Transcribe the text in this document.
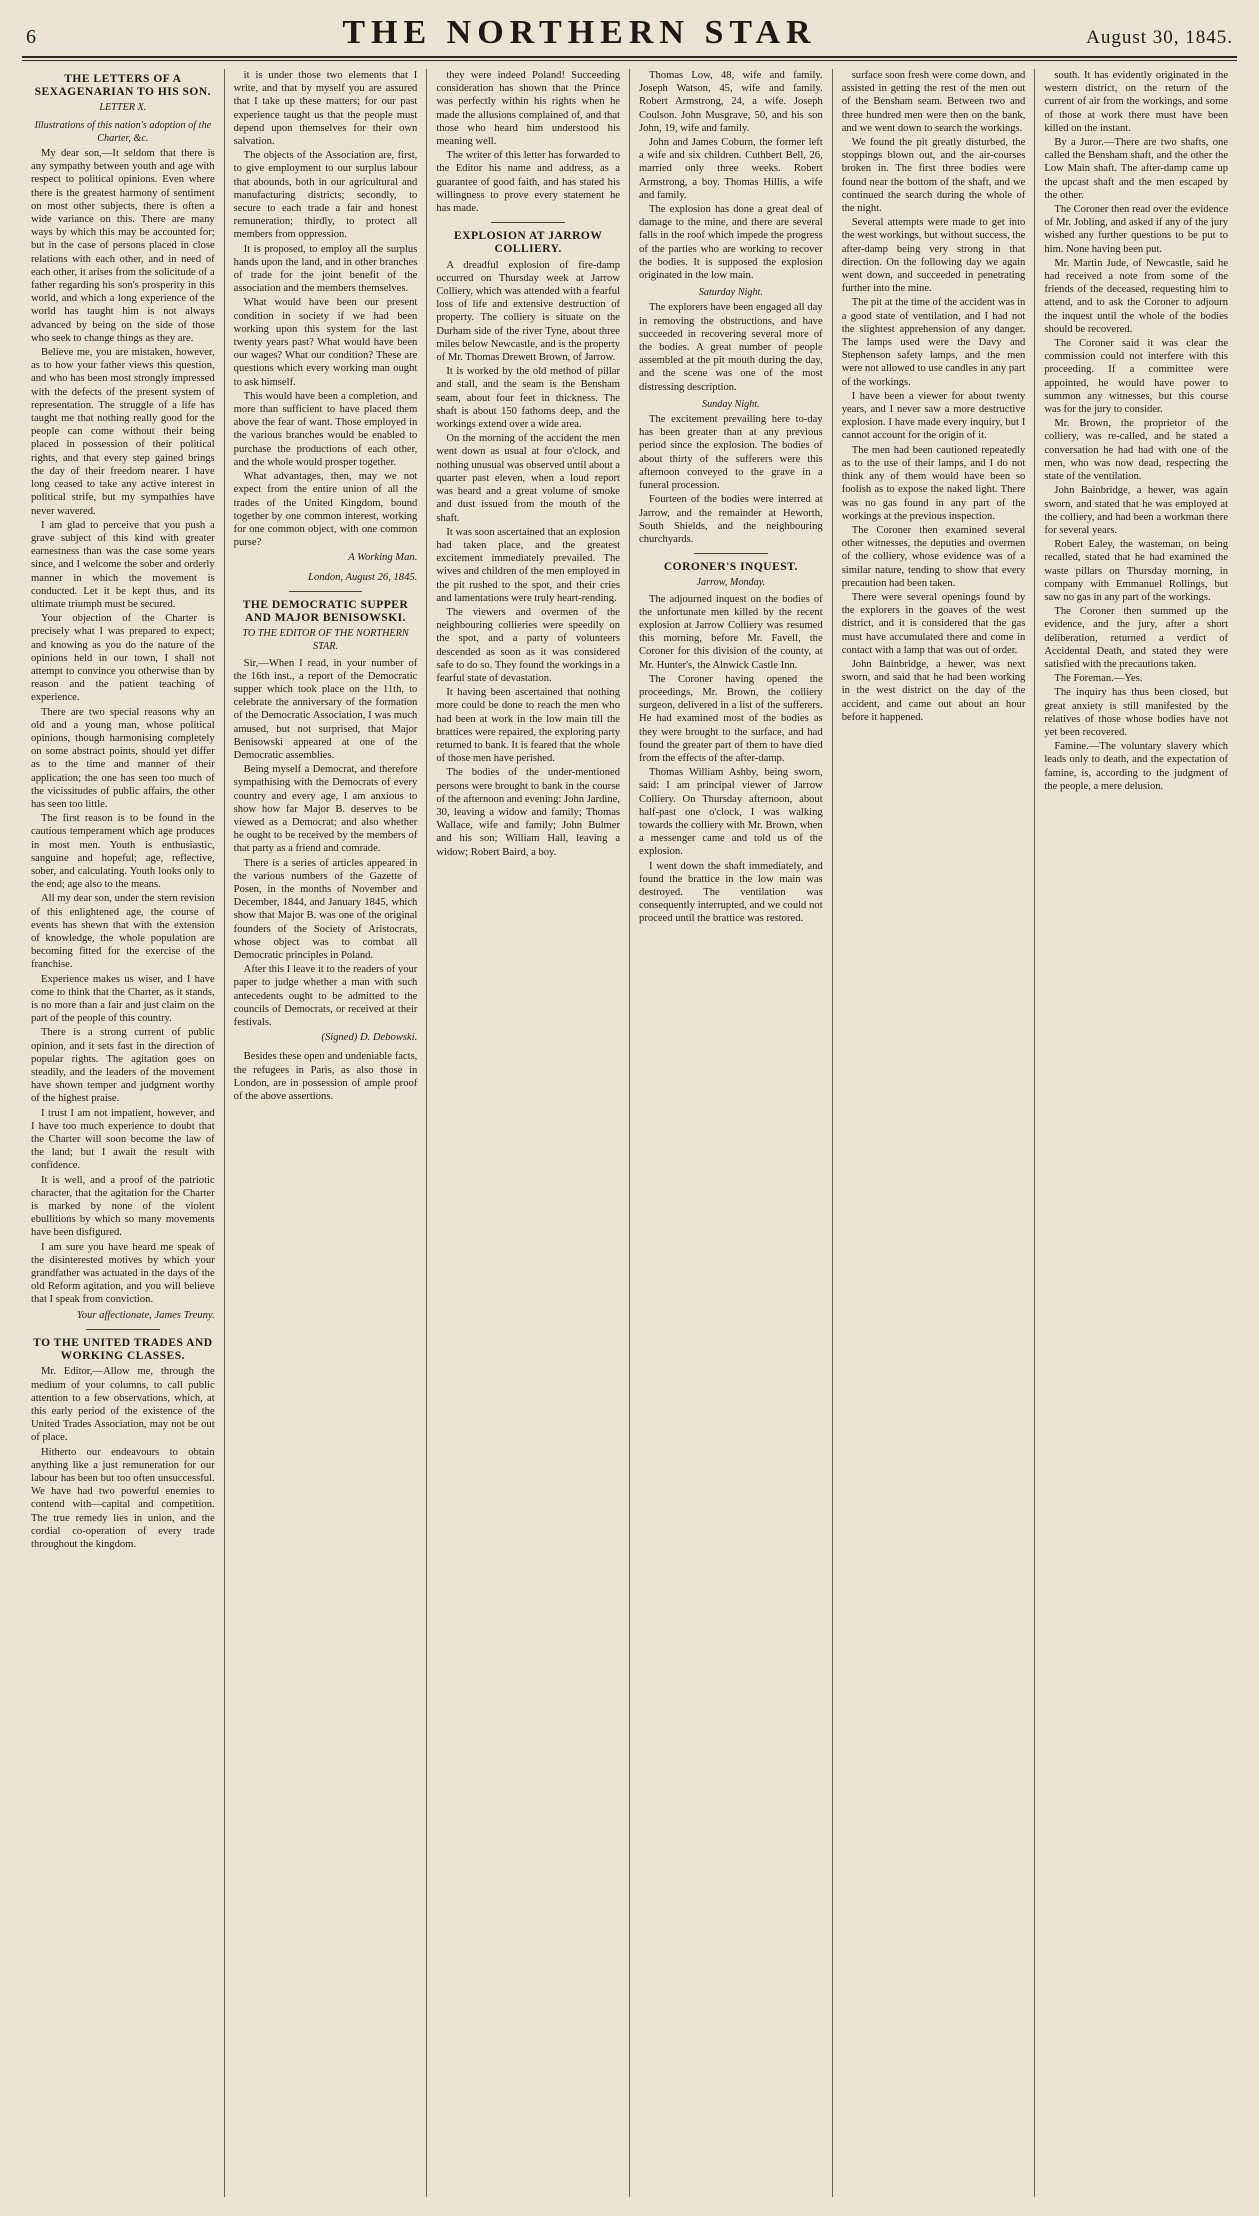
6	THE NORTHERN STAR	August 30, 1845.
THE LETTERS OF A SEXAGENARIAN TO HIS SON.
LETTER X.
Illustrations of this nation's adoption of the Charter, &c.

My dear son,—It seldom that there is any sympathy between youth and age with respect to political opinions. Even where there is the greatest harmony of sentiment on most other subjects, there is often a wide variance on this. There are many ways by which this may be accounted for; but in the case of persons placed in close relations with each other, and in need of each other, it arises from the solicitude of a father regarding his son's prosperity in this world, and which a long experience of the world has taught him is not always advanced by being on the side of those who seek to change things as they are.

Believe me, you are mistaken, however, as to how your father views this question, and who has been most strongly impressed with the defects of the present system of representation. The struggle of a life has taught me that nothing really good for the people can come without their being placed in possession of their political rights, and that every step gained brings the day of their freedom nearer. I have long ceased to take any active interest in political strife, but my sympathies have never wavered.

I am glad to perceive that you push a grave subject of this kind with greater earnestness than was the case some years since, and I welcome the sober and orderly manner in which the movement is conducted. Let it be kept thus, and its ultimate triumph must be secured.

Your objection of the Charter is precisely what I was prepared to expect; and knowing as you do the nature of the opinions held in our town, I shall not attempt to convince you otherwise than by reason and the patient teaching of experience.

There are two special reasons why an old and a young man, whose political opinions, though harmonising completely on some abstract points, should yet differ as to the time and manner of their application; the one has seen too much of the vicissitudes of public affairs, the other has seen too little.

The first reason is to be found in the cautious temperament which age produces in most men. Youth is enthusiastic, sanguine and hopeful; age, reflective, sober, and calculating. Youth looks only to the end; age also to the means.

All my dear son, under the stern revision of this enlightened age, the course of events has shewn that with the extension of knowledge, the whole population are becoming fitted for the exercise of the franchise.

Experience makes us wiser, and I have come to think that the Charter, as it stands, is no more than a fair and just claim on the part of the people of this country.

There is a strong current of public opinion, and it sets fast in the direction of popular rights. The agitation goes on steadily, and the leaders of the movement have shown temper and judgment worthy of the highest praise.

I trust I am not impatient, however, and I have too much experience to doubt that the Charter will soon become the law of the land; but I await the result with confidence.

It is well, and a proof of the patriotic character, that the agitation for the Charter is marked by none of the violent ebullitions by which so many movements have been disfigured.

I am sure you have heard me speak of the disinterested motives by which your grandfather was actuated in the days of the old Reform agitation, and you will believe that I speak from conviction.

Your affectionate, James Treuny.

TO THE UNITED TRADES AND WORKING CLASSES.

Mr. Editor,—Allow me, through the medium of your columns, to call public attention to a few observations, which, at this early period of the existence of the United Trades Association, may not be out of place.

Hitherto our endeavours to obtain anything like a just remuneration for our labour has been but too often unsuccessful. We have had two powerful enemies to contend with—capital and competition. The true remedy lies in union, and the cordial co-operation of every trade throughout the kingdom.

it is under those two elements that I write, and that by myself you are assured that I take up these matters; for our past experience taught us that the people must depend upon themselves for their own salvation.

The objects of the Association are, first, to give employment to our surplus labour that abounds, both in our agricultural and manufacturing districts; secondly, to secure to each trade a fair and honest remuneration; thirdly, to protect all members from oppression.

It is proposed, to employ all the surplus hands upon the land, and in other branches of trade for the joint benefit of the association and the members themselves.

What would have been our present condition in society if we had been working upon this system for the last twenty years past? What would have been our wages? What our condition? These are questions which every working man ought to ask himself.

This would have been a completion, and more than sufficient to have placed them above the fear of want. Those employed in the various branches would be enabled to purchase the productions of each other, and the whole would prosper together.

What advantages, then, may we not expect from the entire union of all the trades of the United Kingdom, bound together by one common interest, working for one common object, with one common purse?

A Working Man.

London, August 26, 1845.

THE DEMOCRATIC SUPPER AND MAJOR BENISOWSKI.
TO THE EDITOR OF THE NORTHERN STAR.

Sir,—When I read, in your number of the 16th inst., a report of the Democratic supper which took place on the 11th, to celebrate the anniversary of the formation of the Democratic Association, I was much amused, but not surprised, that Major Benisowski appeared at one of the Democratic assemblies.

Being myself a Democrat, and therefore sympathising with the Democrats of every country and every age, I am anxious to show how far Major B. deserves to be viewed as a Democrat; and also whether he ought to be received by the members of that party as a friend and comrade.

There is a series of articles appeared in the various numbers of the Gazette of Posen, in the months of November and December, 1844, and January 1845, which show that Major B. was one of the original founders of the Society of Aristocrats, whose object was to combat all Democratic principles in Poland.

After this I leave it to the readers of your paper to judge whether a man with such antecedents ought to be admitted to the councils of Democrats, or received at their festivals.

(Signed) D. Debowski.

Besides these open and undeniable facts, the refugees in Paris, as also those in London, are in possession of ample proof of the above assertions.

they were indeed Poland! Succeeding consideration has shown that the Prince was perfectly within his rights when he made the allusions complained of, and that those who heard him understood his meaning well.

The writer of this letter has forwarded to the Editor his name and address, as a guarantee of good faith, and has stated his willingness to prove every statement he has made.

EXPLOSION AT JARROW COLLIERY.

A dreadful explosion of fire-damp occurred on Thursday week at Jarrow Colliery, which was attended with a fearful loss of life and extensive destruction of property. The colliery is situate on the Durham side of the river Tyne, about three miles below Newcastle, and is the property of Mr. Thomas Drewett Brown, of Jarrow.

It is worked by the old method of pillar and stall, and the seam is the Bensham seam, about four feet in thickness. The shaft is about 150 fathoms deep, and the workings extend over a wide area.

On the morning of the accident the men went down as usual at four o'clock, and nothing unusual was observed until about a quarter past eleven, when a loud report was heard and a great volume of smoke and dust issued from the mouth of the shaft.

It was soon ascertained that an explosion had taken place, and the greatest excitement immediately prevailed. The wives and children of the men employed in the pit rushed to the spot, and their cries and lamentations were truly heart-rending.

The viewers and overmen of the neighbouring collieries were speedily on the spot, and a party of volunteers descended as soon as it was considered safe to do so. They found the workings in a fearful state of devastation.

It having been ascertained that nothing more could be done to reach the men who had been at work in the low main till the brattices were repaired, the exploring party returned to bank. It is feared that the whole of those men have perished.

The bodies of the under-mentioned persons were brought to bank in the course of the afternoon and evening: John Jardine, 30, leaving a widow and family; Thomas Wallace, wife and family; John Bulmer and his son; William Hall, leaving a widow; Robert Baird, a boy.

Thomas Low, 48, wife and family. Joseph Watson, 45, wife and family. Robert Armstrong, 24, a wife. Joseph Coulson. John Musgrave, 50, and his son John, 19, wife and family.

John and James Coburn, the former left a wife and six children. Cuthbert Bell, 26, married only three weeks. Robert Armstrong, a boy. Thomas Hillis, a wife and family.

The explosion has done a great deal of damage to the mine, and there are several falls in the roof which impede the progress of the parties who are working to recover the bodies. It is supposed the explosion originated in the low main.

Saturday Night.

The explorers have been engaged all day in removing the obstructions, and have succeeded in recovering several more of the bodies. A great number of people assembled at the pit mouth during the day, and the scene was one of the most distressing description.

Sunday Night.

The excitement prevailing here to-day has been greater than at any previous period since the explosion. The bodies of about thirty of the sufferers were this afternoon conveyed to the grave in a funeral procession.

Fourteen of the bodies were interred at Jarrow, and the remainder at Heworth, South Shields, and the neighbouring churchyards.

CORONER'S INQUEST.
Jarrow, Monday.

The adjourned inquest on the bodies of the unfortunate men killed by the recent explosion at Jarrow Colliery was resumed this morning, before Mr. Favell, the Coroner for this division of the county, at Mr. Hunter's, the Alnwick Castle Inn.

The Coroner having opened the proceedings, Mr. Brown, the colliery surgeon, delivered in a list of the sufferers. He had examined most of the bodies as they were brought to the surface, and had found the greater part of them to have died from the effects of the after-damp.

Thomas William Ashby, being sworn, said: I am principal viewer of Jarrow Colliery. On Thursday afternoon, about half-past one o'clock, I was walking towards the colliery with Mr. Brown, when a messenger came and told us of the explosion.

I went down the shaft immediately, and found the brattice in the low main was destroyed. The ventilation was consequently interrupted, and we could not proceed until the brattice was restored.

surface soon fresh were come down, and assisted in getting the rest of the men out of the Bensham seam. Between two and three hundred men were then on the bank, and we went down to search the workings.

We found the pit greatly disturbed, the stoppings blown out, and the air-courses broken in. The first three bodies were found near the bottom of the shaft, and we continued the search during the whole of the night.

Several attempts were made to get into the west workings, but without success, the after-damp being very strong in that direction. On the following day we again went down, and succeeded in penetrating further into the mine.

The pit at the time of the accident was in a good state of ventilation, and I had not the slightest apprehension of any danger. The lamps used were the Davy and Stephenson safety lamps, and the men were not allowed to use candles in any part of the workings.

I have been a viewer for about twenty years, and I never saw a more destructive explosion. I have made every inquiry, but I cannot account for the origin of it.

The men had been cautioned repeatedly as to the use of their lamps, and I do not think any of them would have been so foolish as to expose the naked light. There was no gas found in any part of the workings at the previous inspection.

The Coroner then examined several other witnesses, the deputies and overmen of the colliery, whose evidence was of a similar nature, tending to show that every precaution had been taken.

There were several openings found by the explorers in the goaves of the west district, and it is considered that the gas must have accumulated there and come in contact with a lamp that was out of order.

John Bainbridge, a hewer, was next sworn, and said that he had been working in the west district on the day of the accident, and came out about an hour before it happened.

south. It has evidently originated in the western district, on the return of the current of air from the workings, and some of those at work there must have been killed on the instant.

By a Juror.—There are two shafts, one called the Bensham shaft, and the other the Low Main shaft. The after-damp came up the upcast shaft and the men escaped by the other.

The Coroner then read over the evidence of Mr. Jobling, and asked if any of the jury wished any further questions to be put to him. None having been put.

Mr. Martin Jude, of Newcastle, said he had received a note from some of the friends of the deceased, requesting him to attend, and to ask the Coroner to adjourn the inquest until the whole of the bodies should be recovered.

The Coroner said it was clear the commission could not interfere with this proceeding. If a committee were appointed, he would have power to summon any witnesses, but this course was for the jury to consider.

Mr. Brown, the proprietor of the colliery, was re-called, and he stated a conversation he had had with one of the men, who was now dead, respecting the state of the ventilation.

John Bainbridge, a hewer, was again sworn, and stated that he was employed at the colliery, and had been a workman there for several years.

Robert Ealey, the wasteman, on being recalled, stated that he had examined the waste pillars on Thursday morning, in company with Emmanuel Rollings, but saw no gas in any part of the workings.

The Coroner then summed up the evidence, and the jury, after a short deliberation, returned a verdict of Accidental Death, and stated they were satisfied with the precautions taken.

The Foreman.—Yes.

The inquiry has thus been closed, but great anxiety is still manifested by the relatives of those whose bodies have not yet been recovered.

Famine.—The voluntary slavery which leads only to death, and the expectation of famine, is, according to the judgment of the people, a mere delusion.
